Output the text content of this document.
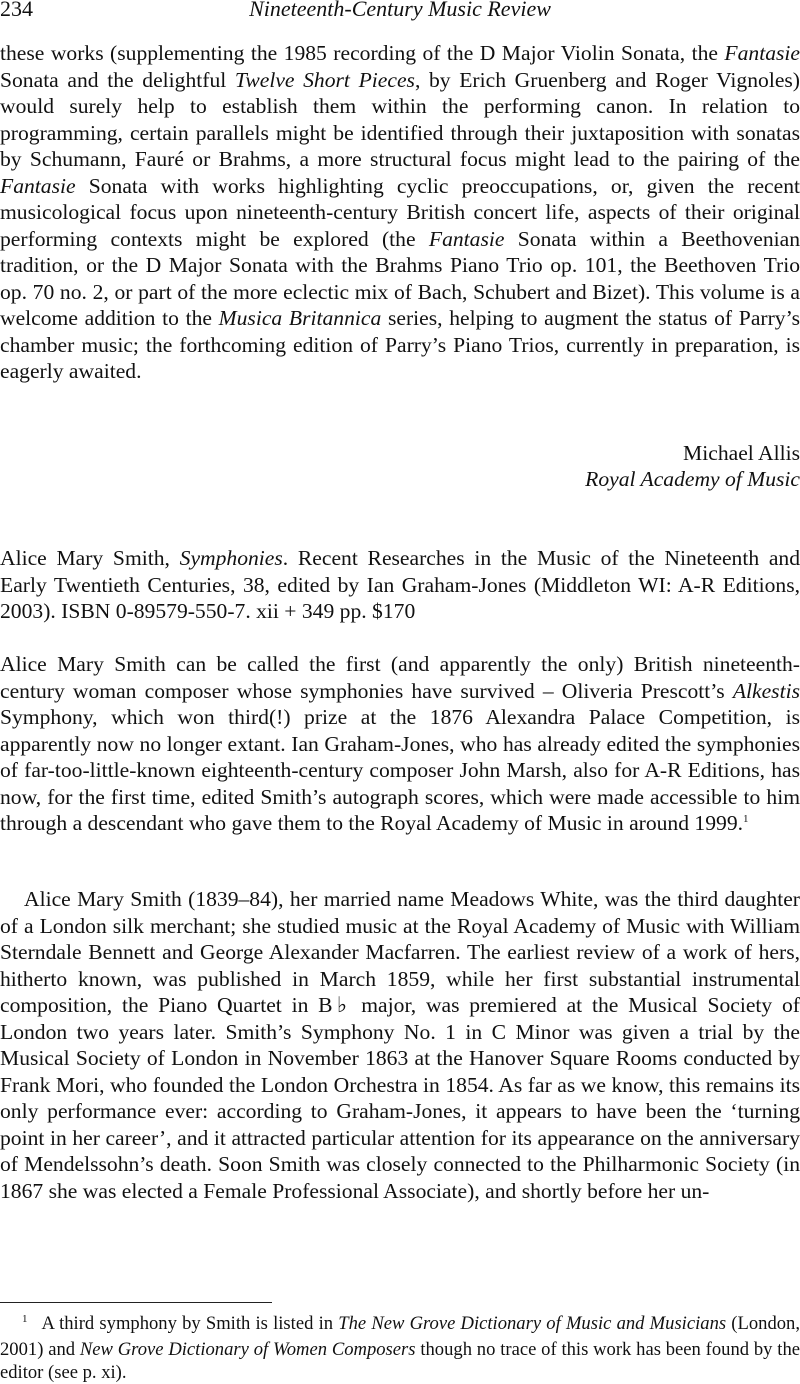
234	Nineteenth-Century Music Review

these works (supplementing the 1985 recording of the D Major Violin Sonata, the Fantasie Sonata and the delightful Twelve Short Pieces, by Erich Gruenberg and Roger Vignoles) would surely help to establish them within the performing canon. In relation to programming, certain parallels might be identified through their juxtaposition with sonatas by Schumann, Fauré or Brahms, a more structural focus might lead to the pairing of the Fantasie Sonata with works highlighting cyclic preoccupations, or, given the recent musicological focus upon nineteenth-century British concert life, aspects of their original performing contexts might be explored (the Fantasie Sonata within a Beethovenian tradition, or the D Major Sonata with the Brahms Piano Trio op. 101, the Beethoven Trio op. 70 no. 2, or part of the more eclectic mix of Bach, Schubert and Bizet). This volume is a welcome addition to the Musica Britannica series, helping to augment the status of Parry’s chamber music; the forthcoming edition of Parry’s Piano Trios, currently in preparation, is eagerly awaited.

Michael Allis

Royal Academy of Music

Alice Mary Smith, Symphonies. Recent Researches in the Music of the Nineteenth and Early Twentieth Centuries, 38, edited by Ian Graham-Jones (Middleton WI: A-R Editions, 2003). ISBN 0-89579-550-7. xii + 349 pp. $170

Alice Mary Smith can be called the first (and apparently the only) British nineteenth-century woman composer whose symphonies have survived – Oliveria Prescott’s Alkestis Symphony, which won third(!) prize at the 1876 Alexandra Palace Competition, is apparently now no longer extant. Ian Graham-Jones, who has already edited the symphonies of far-too-little-known eighteenth-century composer John Marsh, also for A-R Editions, has now, for the first time, edited Smith’s autograph scores, which were made accessible to him through a descendant who gave them to the Royal Academy of Music in around 1999.$^1$

Alice Mary Smith (1839–84), her married name Meadows White, was the third daughter of a London silk merchant; she studied music at the Royal Academy of Music with William Sterndale Bennett and George Alexander Macfarren. The earliest review of a work of hers, hitherto known, was published in March 1859, while her first substantial instrumental composition, the Piano Quartet in B♭ major, was premiered at the Musical Society of London two years later. Smith’s Symphony No. 1 in C Minor was given a trial by the Musical Society of London in November 1863 at the Hanover Square Rooms conducted by Frank Mori, who founded the London Orchestra in 1854. As far as we know, this remains its only performance ever: according to Graham-Jones, it appears to have been the ‘turning point in her career’, and it attracted particular attention for its appearance on the anniversary of Mendelssohn’s death. Soon Smith was closely connected to the Philharmonic Society (in 1867 she was elected a Female Professional Associate), and shortly before her un-

$^1$ A third symphony by Smith is listed in The New Grove Dictionary of Music and Musicians (London, 2001) and New Grove Dictionary of Women Composers though no trace of this work has been found by the editor (see p. xi).
